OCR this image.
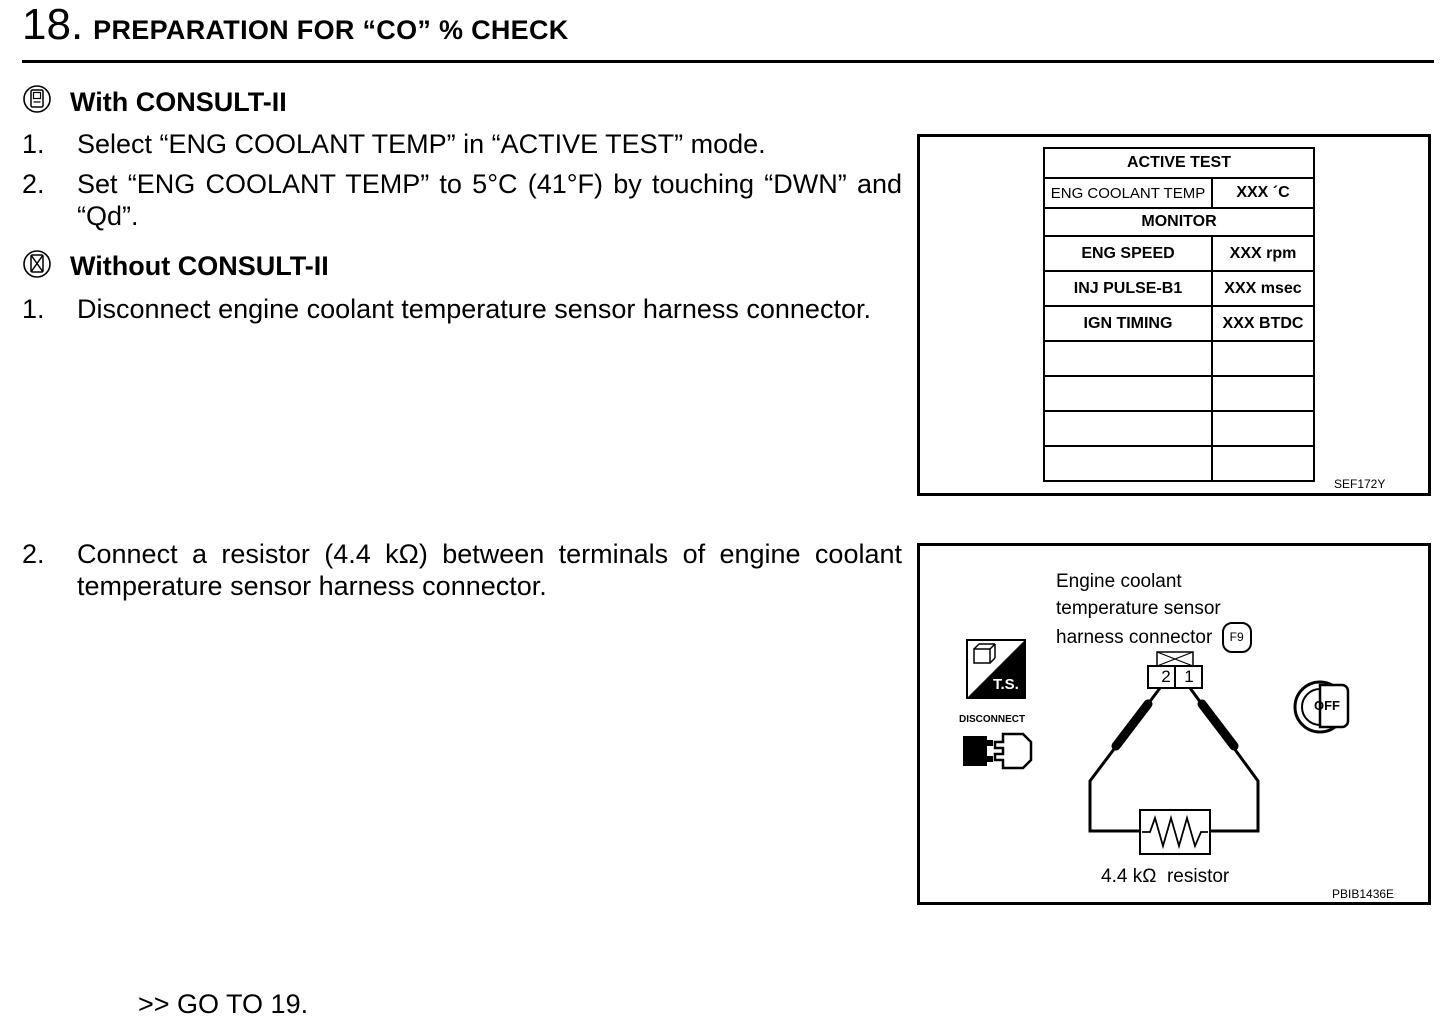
18. PREPARATION FOR “CO” % CHECK
With CONSULT-II
1. Select “ENG COOLANT TEMP” in “ACTIVE TEST” mode.
2. Set “ENG COOLANT TEMP” to 5°C (41°F) by touching “DWN” and “Qd”.
Without CONSULT-II
1. Disconnect engine coolant temperature sensor harness connector.
2. Connect a resistor (4.4 kΩ) between terminals of engine coolant temperature sensor harness connector.
ACTIVE TEST	
ENG COOLANT TEMP	XXX ´C
MONITOR	
ENG SPEED	XXX rpm
INJ PULSE-B1	XXX msec
IGN TIMING	XXX BTDC

SEF172Y
Engine coolant
temperature sensor
harness connector F9
T.S.
DISCONNECT
OFF
2 1
4.4 kΩ  resistor
PBIB1436E
>> GO TO 19.
